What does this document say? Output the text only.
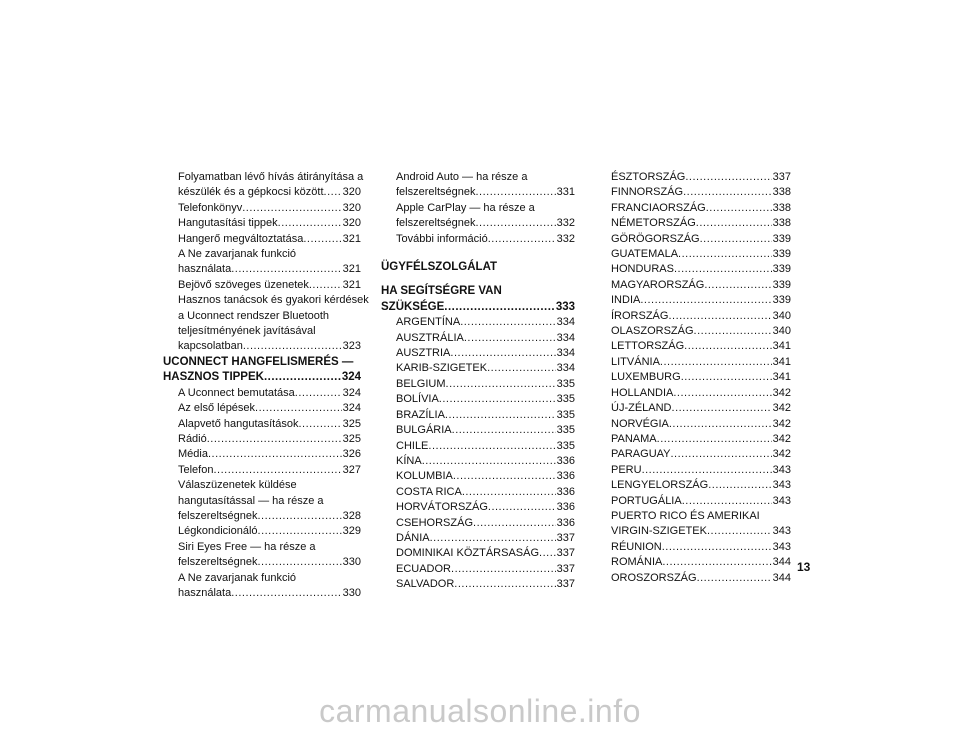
Folyamatban lévő hívás átirányítása a
készülék és a gépkocsi között ..... 320
Telefonkönyv .....	320
Hangutasítási tippek .....	320
Hangerő megváltoztatása .....	321
A Ne zavarjanak funkció
használata .....	321
Bejövő szöveges üzenetek .....	321
Hasznos tanácsok és gyakori kérdések
a Uconnect rendszer Bluetooth
teljesítményének javításával
kapcsolatban .....	323
UCONNECT HANGFELISMERÉS —
HASZNOS TIPPEK .....	324
A Uconnect bemutatása .....	324
Az első lépések .....	324
Alapvető hangutasítások .....	325
Rádió .....	325
Média .....	326
Telefon .....	327
Válaszüzenetek küldése
hangutasítással — ha része a
felszereltségnek .....	328
Légkondicionáló .....	329
Siri Eyes Free — ha része a
felszereltségnek .....	330
A Ne zavarjanak funkció
használata .....	330
Android Auto — ha része a
felszereltségnek .....	331
Apple CarPlay — ha része a
felszereltségnek .....	332
További információ .....	332
ÜGYFÉLSZOLGÁLAT
HA SEGÍTSÉGRE VAN
SZÜKSÉGE .....	333
ARGENTÍNA .....	334
AUSZTRÁLIA .....	334
AUSZTRIA .....	334
KARIB-SZIGETEK .....	334
BELGIUM .....	335
BOLÍVIA .....	335
BRAZÍLIA .....	335
BULGÁRIA .....	335
CHILE .....	335
KÍNA .....	336
KOLUMBIA .....	336
COSTA RICA .....	336
HORVÁTORSZÁG .....	336
CSEHORSZÁG .....	336
DÁNIA .....	337
DOMINIKAI KÖZTÁRSASÁG ..... 337
ECUADOR .....	337
SALVADOR .....	337
ÉSZTORSZÁG .....	337
FINNORSZÁG .....	338
FRANCIAORSZÁG .....	338
NÉMETORSZÁG .....	338
GÖRÖGORSZÁG .....	339
GUATEMALA .....	339
HONDURAS .....	339
MAGYARORSZÁG .....	339
INDIA .....	339
ÍRORSZÁG .....	340
OLASZORSZÁG .....	340
LETTORSZÁG .....	341
LITVÁNIA .....	341
LUXEMBURG .....	341
HOLLANDIA .....	342
ÚJ-ZÉLAND .....	342
NORVÉGIA .....	342
PANAMA .....	342
PARAGUAY .....	342
PERU .....	343
LENGYELORSZÁG .....	343
PORTUGÁLIA .....	343
PUERTO RICO ÉS AMERIKAI
VIRGIN-SZIGETEK .....	343
RÉUNION .....	343
ROMÁNIA .....	344
OROSZORSZÁG .....	344
13
carmanualsonline.info
